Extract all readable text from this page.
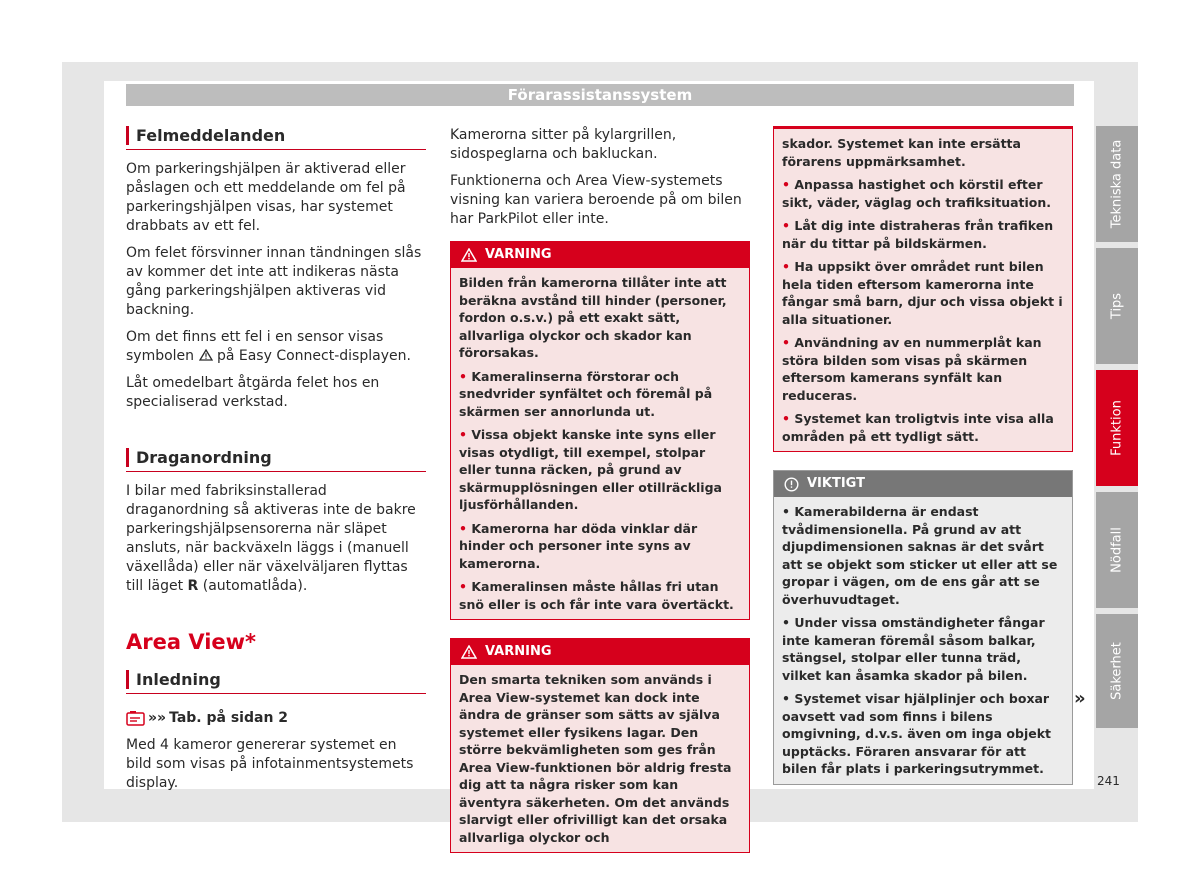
Förarassistanssystem
Felmeddelanden

Om parkeringshjälpen är aktiverad eller påslagen och ett meddelande om fel på parkeringshjälpen visas, har systemet drabbats av ett fel.

Om felet försvinner innan tändningen slås av kommer det inte att indikeras nästa gång parkeringshjälpen aktiveras vid backning.

Om det finns ett fel i en sensor visas symbolen på Easy Connect-displayen.

Låt omedelbart åtgärda felet hos en specialiserad verkstad.

Draganordning

I bilar med fabriksinstallerad draganordning så aktiveras inte de bakre parkeringshjälpsensorerna när släpet ansluts, när backväxeln läggs i (manuell växellåda) eller när växelväljaren flyttas till läget R (automatlåda).

Area View*
Inledning
»» Tab. på sidan 2

Med 4 kameror genererar systemet en bild som visas på infotainmentsystemets display.

Kamerorna sitter på kylargrillen, sidospeglarna och bakluckan.

Funktionerna och Area View-systemets visning kan variera beroende på om bilen har ParkPilot eller inte.

VARNING

Bilden från kamerorna tillåter inte att beräkna avstånd till hinder (personer, fordon o.s.v.) på ett exakt sätt, allvarliga olyckor och skador kan förorsakas.

• Kameralinserna förstorar och snedvrider synfältet och föremål på skärmen ser annorlunda ut.

• Vissa objekt kanske inte syns eller visas otydligt, till exempel, stolpar eller tunna räcken, på grund av skärmupplösningen eller otillräckliga ljusförhållanden.

• Kamerorna har döda vinklar där hinder och personer inte syns av kamerorna.

• Kameralinsen måste hållas fri utan snö eller is och får inte vara övertäckt.

VARNING

Den smarta tekniken som används i Area View-systemet kan dock inte ändra de gränser som sätts av själva systemet eller fysikens lagar. Den större bekvämligheten som ges från Area View-funktionen bör aldrig fresta dig att ta några risker som kan äventyra säkerheten. Om det används slarvigt eller ofrivilligt kan det orsaka allvarliga olyckor och

skador. Systemet kan inte ersätta förarens uppmärksamhet.

• Anpassa hastighet och körstil efter sikt, väder, väglag och trafiksituation.

• Låt dig inte distraheras från trafiken när du tittar på bildskärmen.

• Ha uppsikt över området runt bilen hela tiden eftersom kamerorna inte fångar små barn, djur och vissa objekt i alla situationer.

• Användning av en nummerplåt kan störa bilden som visas på skärmen eftersom kamerans synfält kan reduceras.

• Systemet kan troligtvis inte visa alla områden på ett tydligt sätt.

VIKTIGT

• Kamerabilderna är endast tvådimensionella. På grund av att djupdimensionen saknas är det svårt att se objekt som sticker ut eller att se gropar i vägen, om de ens går att se överhuvudtaget.

• Under vissa omständigheter fångar inte kameran föremål såsom balkar, stängsel, stolpar eller tunna träd, vilket kan åsamka skador på bilen.

• Systemet visar hjälplinjer och boxar oavsett vad som finns i bilens omgivning, d.v.s. även om inga objekt upptäcks. Föraren ansvarar för att bilen får plats i parkeringsutrymmet.

»
Tekniska data
Tips
Funktion
Nödfall
Säkerhet
241
